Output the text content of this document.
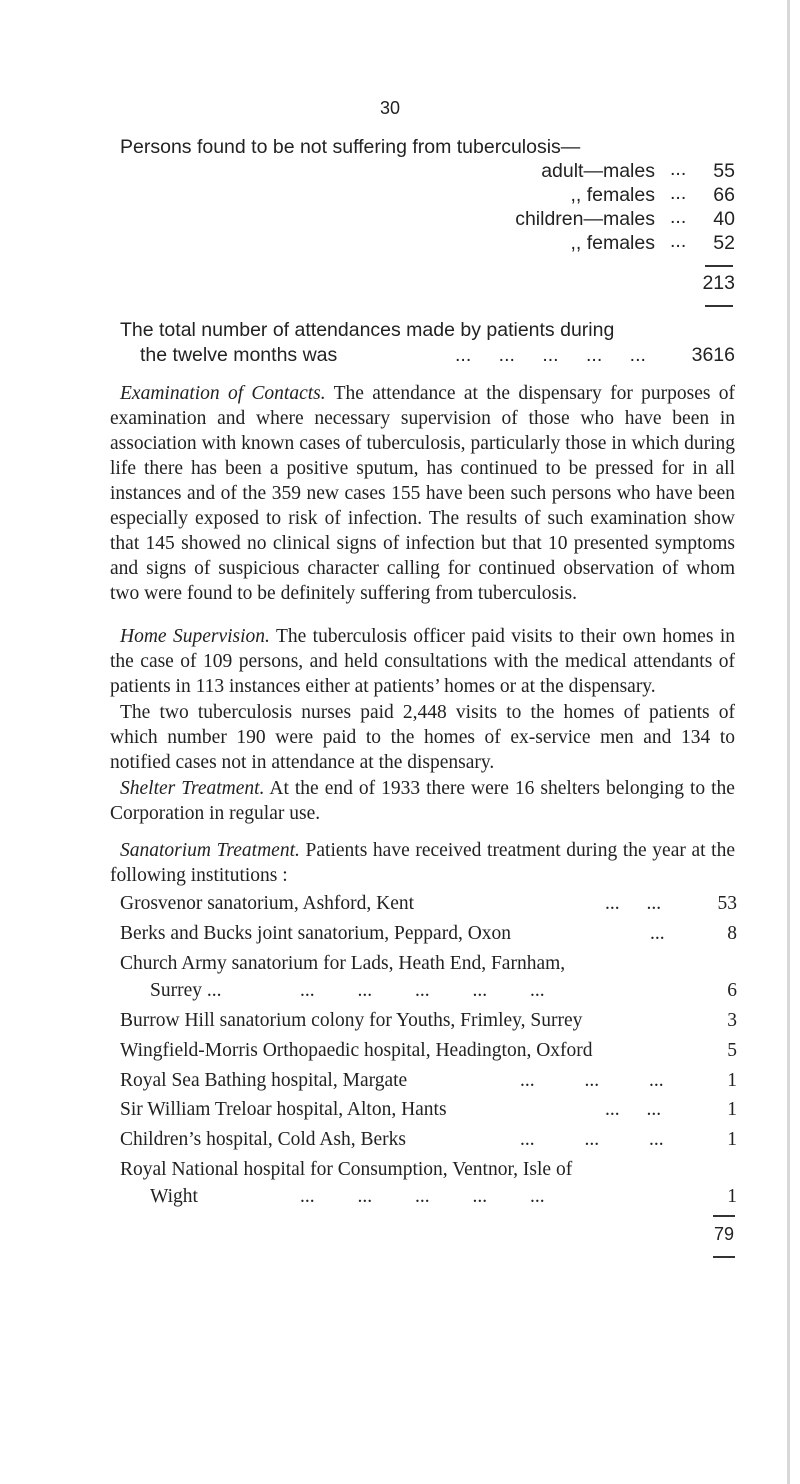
30
Persons found to be not suffering from tuberculosis—
adult—males ...	55
,, females ...	66
children—males ...	40
,, females ...	52
213
The total number of attendances made by patients during
the twelve months was	... ... ... ... ...	3616

Examination of Contacts. The attendance at the dispensary for purposes of examination and where necessary supervision of those who have been in association with known cases of tuberculosis, particularly those in which during life there has been a positive sputum, has continued to be pressed for in all instances and of the 359 new cases 155 have been such persons who have been especially exposed to risk of infection. The results of such examination show that 145 showed no clinical signs of infection but that 10 presented symptoms and signs of suspicious character calling for continued observation of whom two were found to be definitely suffering from tuberculosis.

Home Supervision. The tuberculosis officer paid visits to their own homes in the case of 109 persons, and held consultations with the medical attendants of patients in 113 instances either at patients’ homes or at the dispensary.

The two tuberculosis nurses paid 2,448 visits to the homes of patients of which number 190 were paid to the homes of ex-service men and 134 to notified cases not in attendance at the dispensary.

Shelter Treatment. At the end of 1933 there were 16 shelters belonging to the Corporation in regular use.

Sanatorium Treatment. Patients have received treatment during the year at the following institutions :

Grosvenor sanatorium, Ashford, Kent	... ...	53
Berks and Bucks joint sanatorium, Peppard, Oxon	...	8
Church Army sanatorium for Lads, Heath End, Farnham,
Surrey ...	... ... ... ... ...	6
Burrow Hill sanatorium colony for Youths, Frimley, Surrey	3
Wingfield-Morris Orthopaedic hospital, Headington, Oxford	5
Royal Sea Bathing hospital, Margate	... ... ...	1
Sir William Treloar hospital, Alton, Hants	... ...	1
Children’s hospital, Cold Ash, Berks	... ... ...	1
Royal National hospital for Consumption, Ventnor, Isle of
Wight	... ... ... ... ...	1
79
